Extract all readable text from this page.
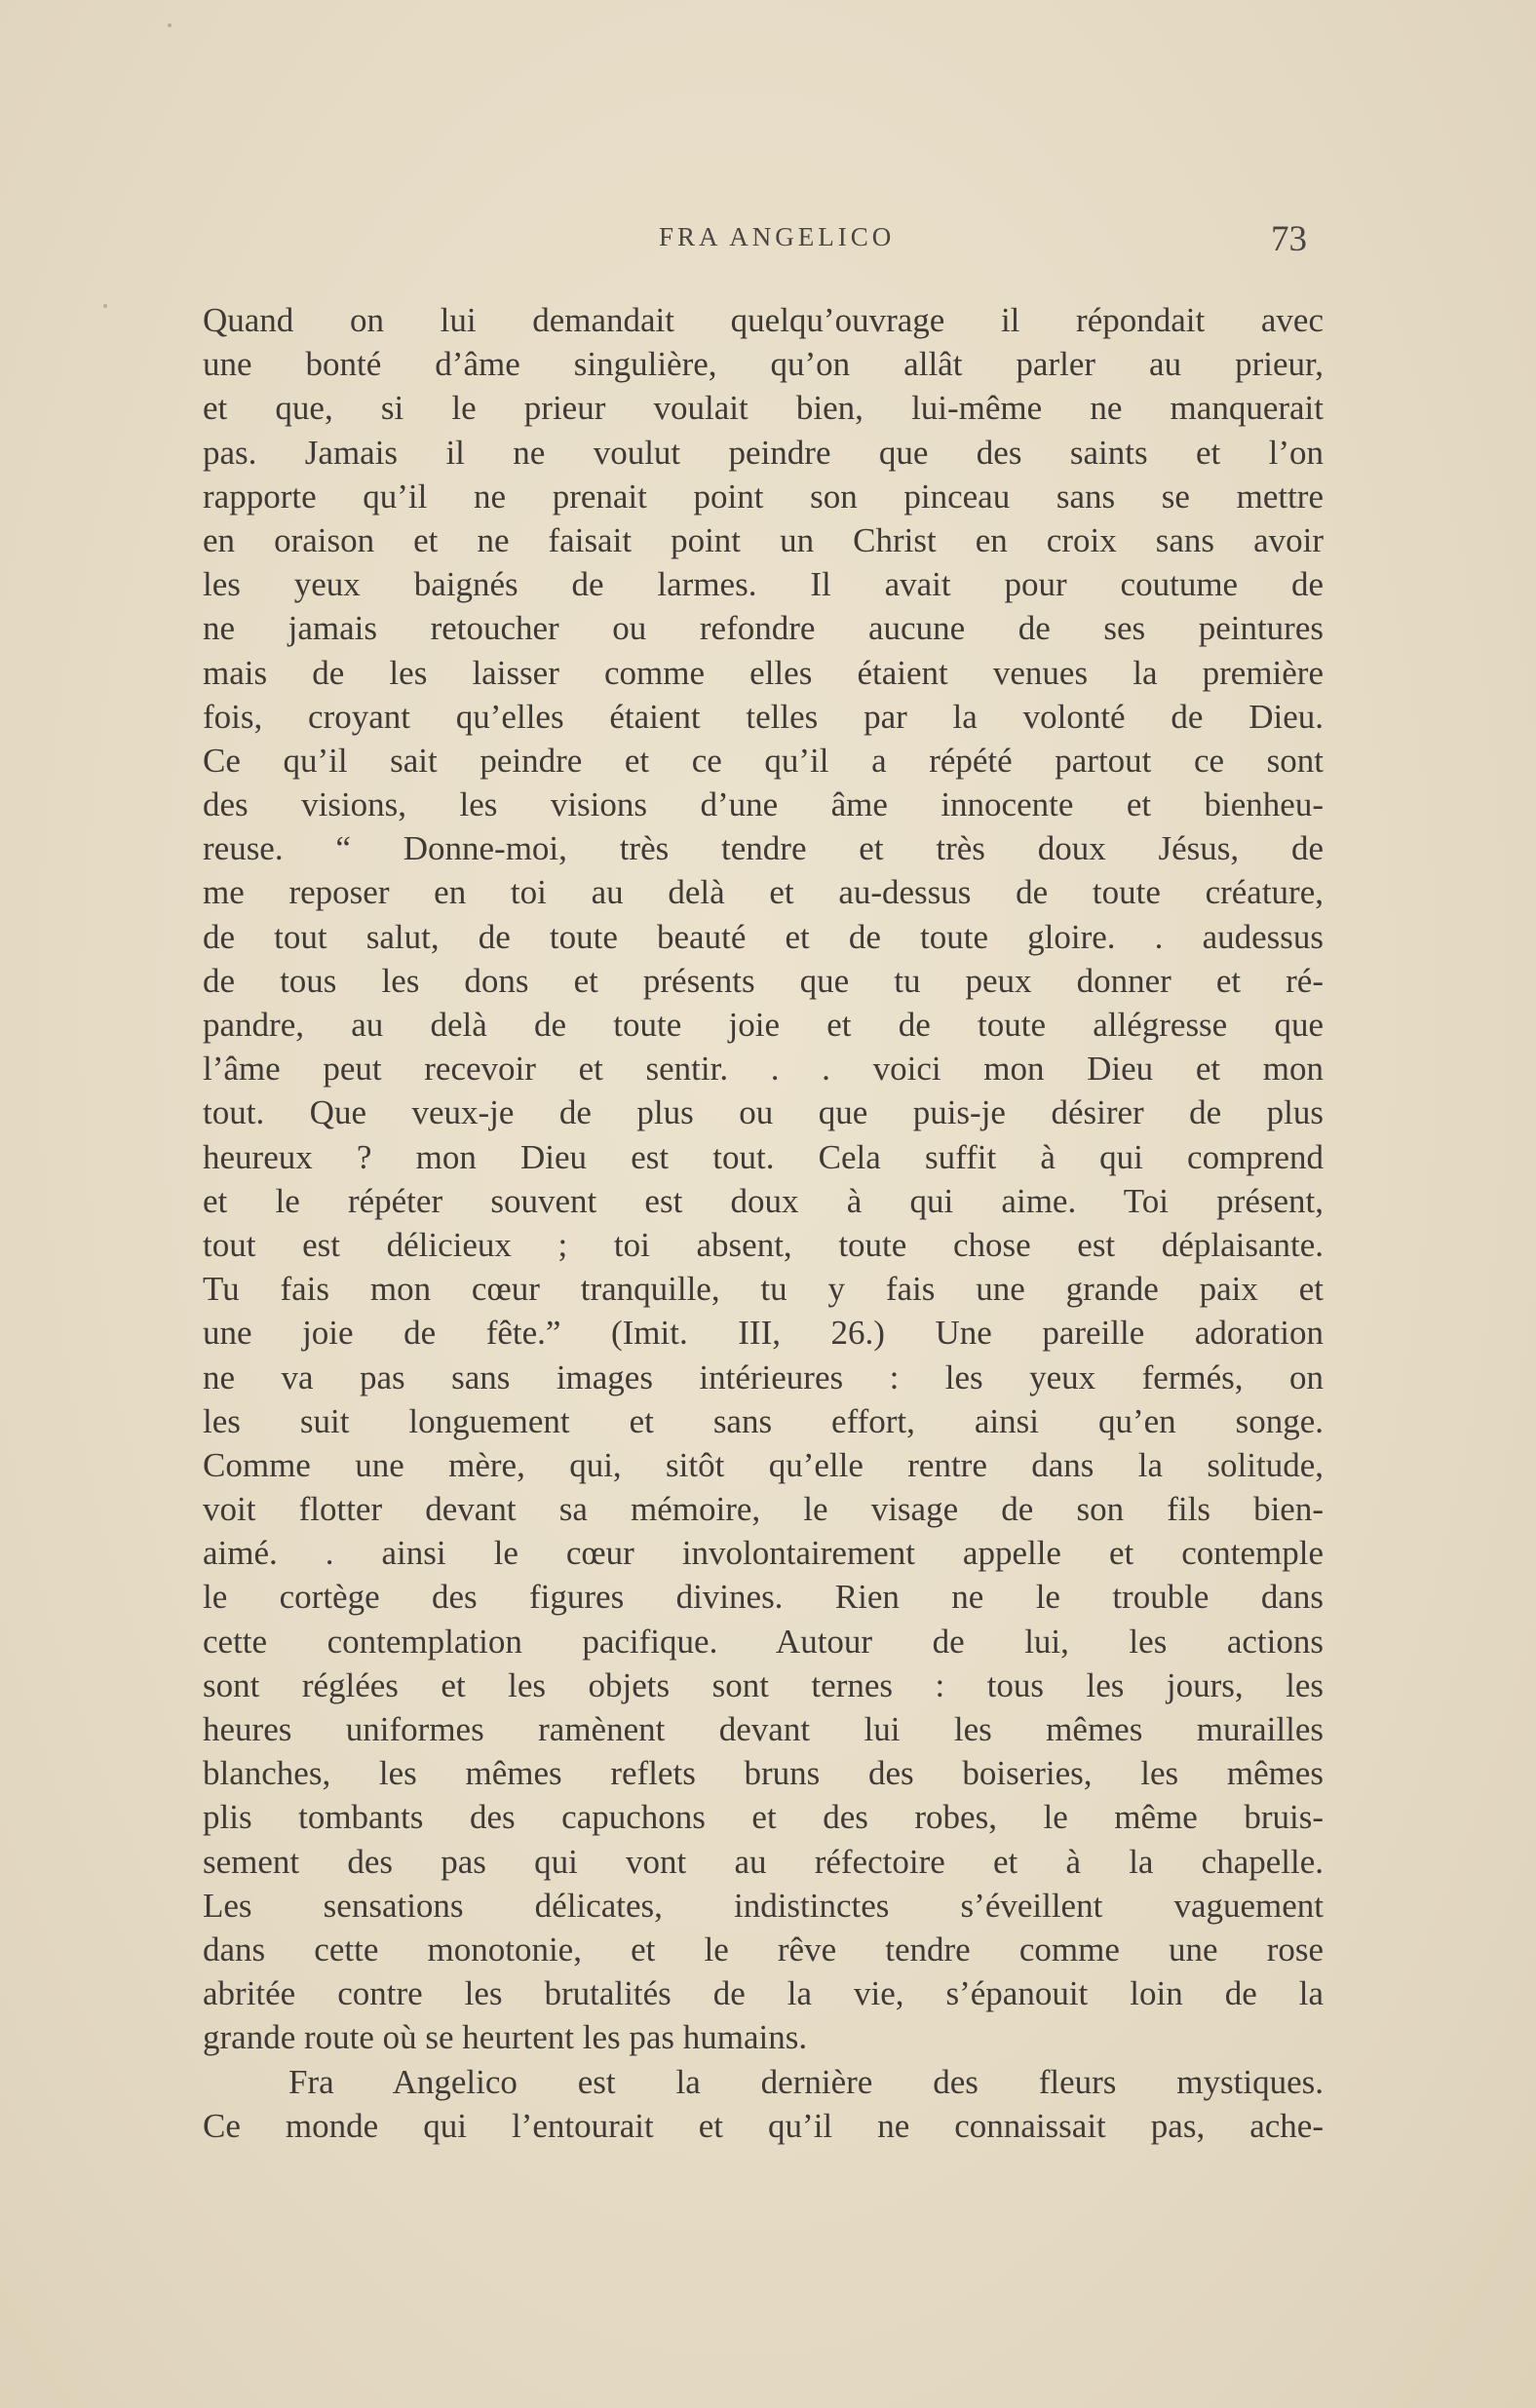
FRA ANGELICO	73
Quand on lui demandait quelqu’ouvrage il répondait avec
une bonté d’âme singulière, qu’on allât parler au prieur,
et que, si le prieur voulait bien, lui-même ne manquerait
pas. Jamais il ne voulut peindre que des saints et l’on
rapporte qu’il ne prenait point son pinceau sans se mettre
en oraison et ne faisait point un Christ en croix sans avoir
les yeux baignés de larmes. Il avait pour coutume de
ne jamais retoucher ou refondre aucune de ses peintures
mais de les laisser comme elles étaient venues la première
fois, croyant qu’elles étaient telles par la volonté de Dieu.
Ce qu’il sait peindre et ce qu’il a répété partout ce sont
des visions, les visions d’une âme innocente et bienheu-
reuse. “ Donne-moi, très tendre et très doux Jésus, de
me reposer en toi au delà et au-dessus de toute créature,
de tout salut, de toute beauté et de toute gloire. . audessus
de tous les dons et présents que tu peux donner et ré-
pandre, au delà de toute joie et de toute allégresse que
l’âme peut recevoir et sentir. . . voici mon Dieu et mon
tout. Que veux-je de plus ou que puis-je désirer de plus
heureux ? mon Dieu est tout. Cela suffit à qui comprend
et le répéter souvent est doux à qui aime. Toi présent,
tout est délicieux ; toi absent, toute chose est déplaisante.
Tu fais mon cœur tranquille, tu y fais une grande paix et
une joie de fête.” (Imit. III, 26.) Une pareille adoration
ne va pas sans images intérieures : les yeux fermés, on
les suit longuement et sans effort, ainsi qu’en songe.
Comme une mère, qui, sitôt qu’elle rentre dans la solitude,
voit flotter devant sa mémoire, le visage de son fils bien-
aimé. . ainsi le cœur involontairement appelle et contemple
le cortège des figures divines. Rien ne le trouble dans
cette contemplation pacifique. Autour de lui, les actions
sont réglées et les objets sont ternes : tous les jours, les
heures uniformes ramènent devant lui les mêmes murailles
blanches, les mêmes reflets bruns des boiseries, les mêmes
plis tombants des capuchons et des robes, le même bruis-
sement des pas qui vont au réfectoire et à la chapelle.
Les sensations délicates, indistinctes s’éveillent vaguement
dans cette monotonie, et le rêve tendre comme une rose
abritée contre les brutalités de la vie, s’épanouit loin de la
grande route où se heurtent les pas humains.
Fra Angelico est la dernière des fleurs mystiques.
Ce monde qui l’entourait et qu’il ne connaissait pas, ache-
